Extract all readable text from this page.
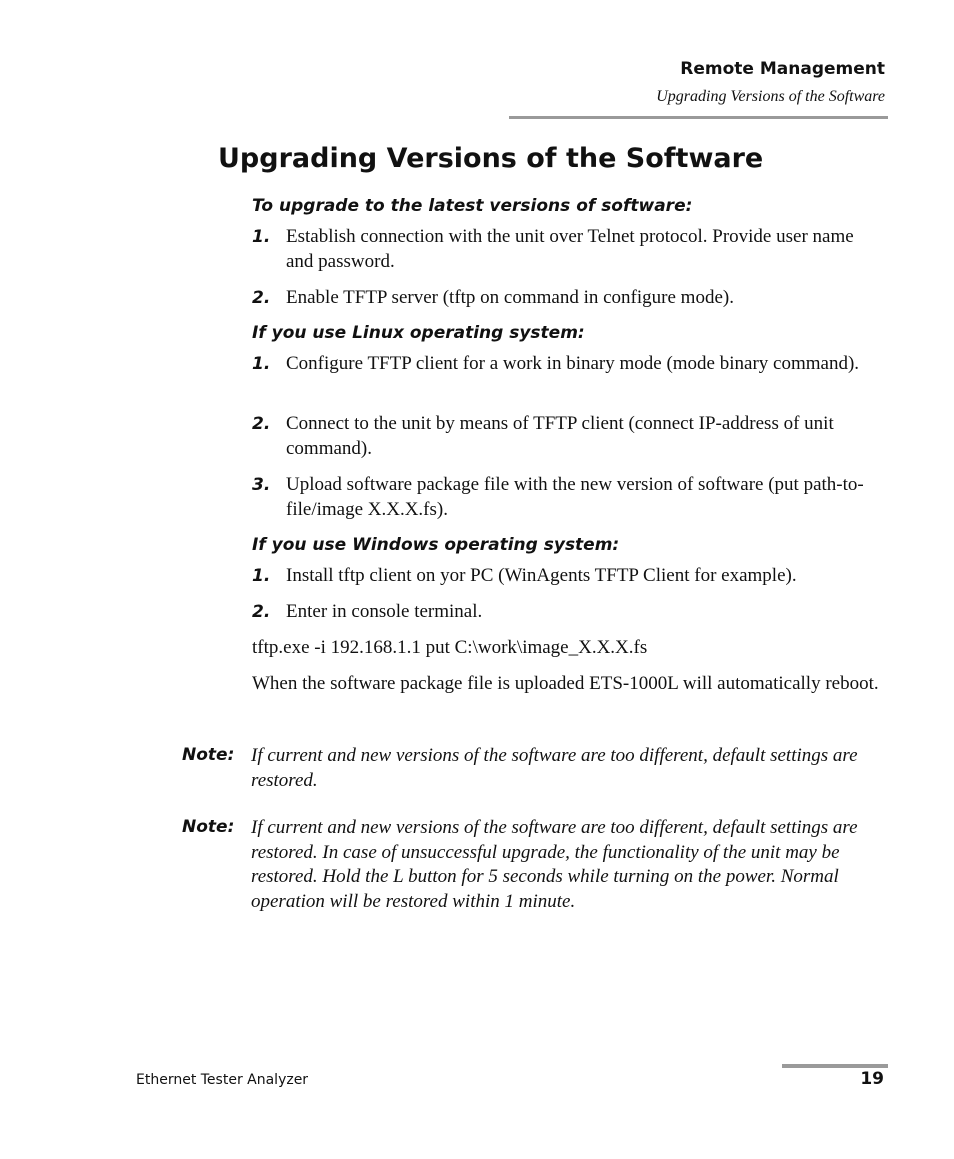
Remote Management
Upgrading Versions of the Software
Upgrading Versions of the Software
To upgrade to the latest versions of software:
1. Establish connection with the unit over Telnet protocol. Provide user name and password.
2. Enable TFTP server (tftp on command in configure mode).
If you use Linux operating system:
1. Configure TFTP client for a work in binary mode (mode binary command).
2. Connect to the unit by means of TFTP client (connect IP-address of unit command).
3. Upload software package file with the new version of software (put path-to-file/image X.X.X.fs).
If you use Windows operating system:
1. Install tftp client on yor PC (WinAgents TFTP Client for example).
2. Enter in console terminal.
tftp.exe -i 192.168.1.1 put C:\work\image_X.X.X.fs
When the software package file is uploaded ETS-1000L will automatically reboot.
Note: If current and new versions of the software are too different, default settings are restored.
Note: If current and new versions of the software are too different, default settings are restored. In case of unsuccessful upgrade, the functionality of the unit may be restored. Hold the L button for 5 seconds while turning on the power. Normal operation will be restored within 1 minute.
Ethernet Tester Analyzer	19
